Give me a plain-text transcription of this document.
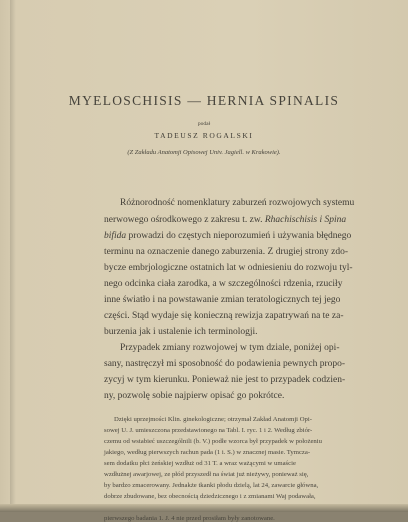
MYELOSCHISIS — HERNIA SPINALIS
podał
TADEUSZ ROGALSKI
(Z Zakładu Anatomji Opisowej Univ. Jagiell. w Krakowie).
Różnorodność nomenklatury zaburzeń rozwojowych systemu
nerwowego ośrodkowego z zakresu t. zw. Rhachischisis i Spina
bifida prowadzi do częstych nieporozumień i używania błędnego
terminu na oznaczenie danego zaburzenia. Z drugiej strony zdo-
bycze embrjologiczne ostatnich lat w odniesieniu do rozwoju tyl-
nego odcinka ciała zarodka, a w szczególności rdzenia, rzuciły
inne światło i na powstawanie zmian teratologicznych tej jego
części. Stąd wydaje się konieczną rewizja zapatrywań na te za-
burzenia jak i ustalenie ich terminologji.
Przypadek zmiany rozwojowej w tym dziale, poniżej opi-
sany, nastręczył mi sposobność do podawienia pewnych propo-
zycyj w tym kierunku. Ponieważ nie jest to przypadek codzien-
ny, pozwolę sobie najpierw opisać go pokrótce.
Dzięki uprzejmości Klin. ginekologiczne; otrzymał Zakład Anatomji Opi-
sowej U. J. umieszczona przedstawionego na Tabl. I. ryc. 1 i 2. Według zbiór-
czemu od wstabieć uszczególnili (b. V.) podłe wzorca był przypadek w położeniu
jakiego, według pierwszych rachun pada (1 i. S.) w znacznej masie. Tymcza-
sem dodatku płci żeńskiej wzdłuż od 31 T. a wraz ważącymi w umaście
wzdłużnej awarjowej, ze płód przyszedł na świat już nieżywy, ponieważ się,
by bardzo zmacerowany. Jednakże tkanki płodu dzielą, lat 24, zawarcie główna,
dobrze zbudowane, bez obecnością dziedzicznego i z zmianami Waj podawała,
pierwszego badania 1. J. 4 nie przed prosiłam były zanotowane.
